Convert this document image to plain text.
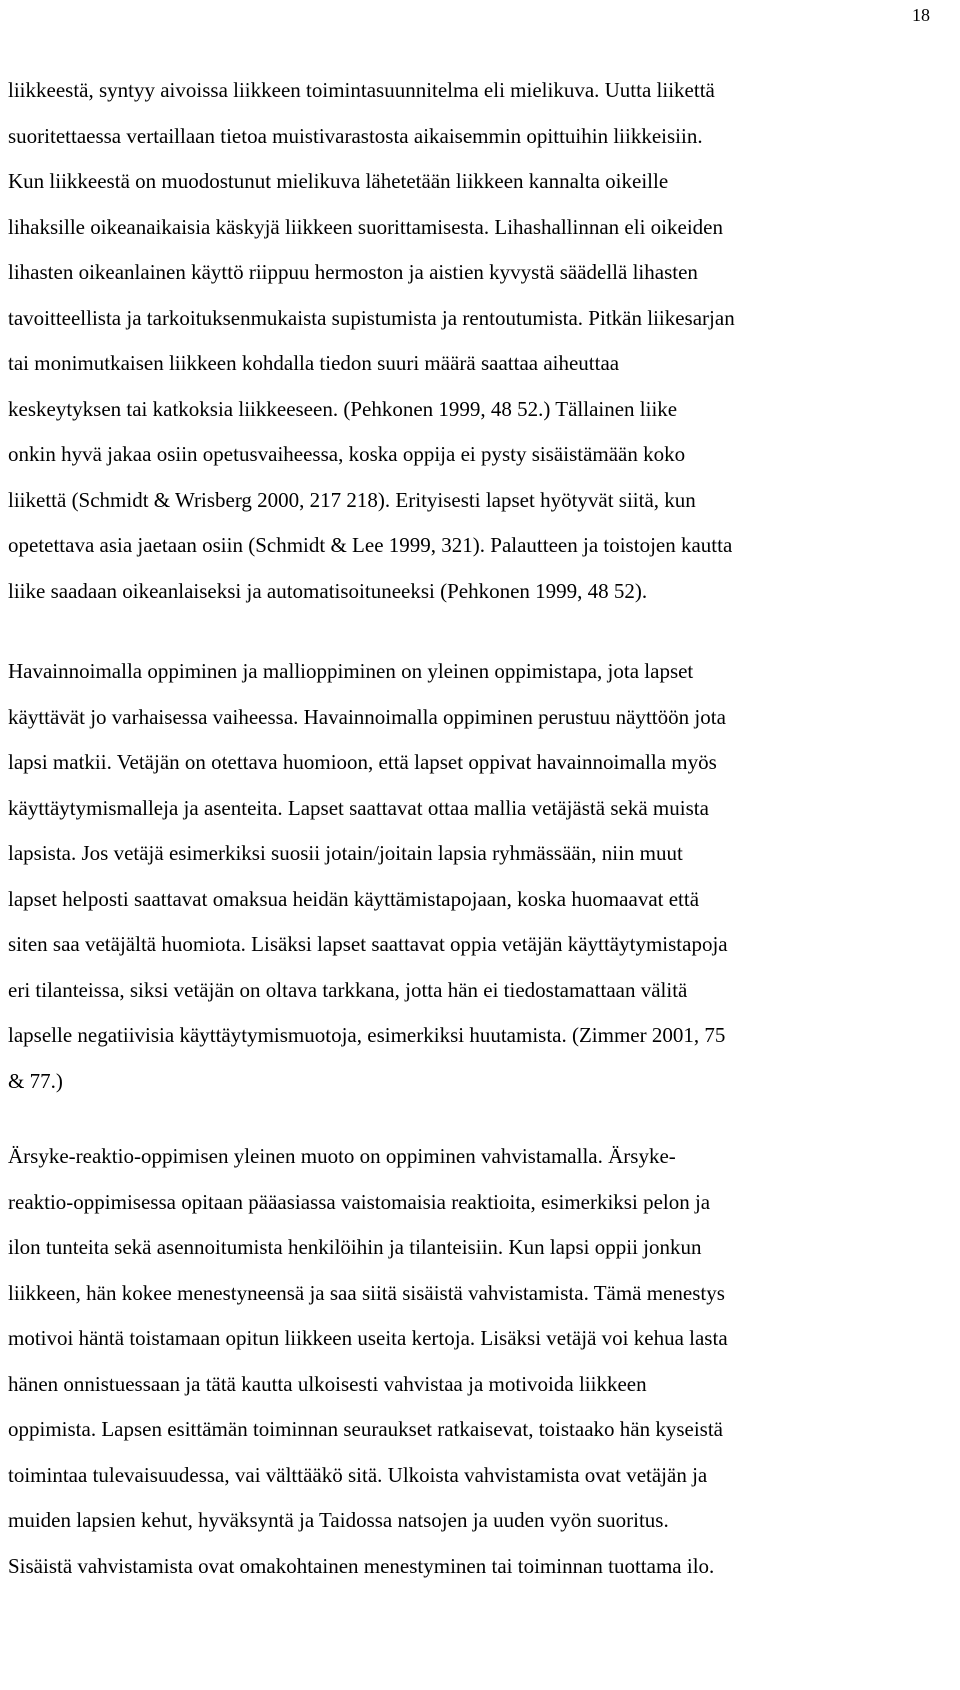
18
liikkeestä, syntyy aivoissa liikkeen toimintasuunnitelma eli mielikuva. Uutta liikettä
suoritettaessa vertaillaan tietoa muistivarastosta aikaisemmin opittuihin liikkeisiin.
Kun liikkeestä on muodostunut mielikuva lähetetään liikkeen kannalta oikeille
lihaksille oikeanaikaisia käskyjä liikkeen suorittamisesta. Lihashallinnan eli oikeiden
lihasten oikeanlainen käyttö riippuu hermoston ja aistien kyvystä säädellä lihasten
tavoitteellista ja tarkoituksenmukaista supistumista ja rentoutumista. Pitkän liikesarjan
tai monimutkaisen liikkeen kohdalla tiedon suuri määrä saattaa aiheuttaa
keskeytyksen tai katkoksia liikkeeseen. (Pehkonen 1999, 48 52.) Tällainen liike
onkin hyvä jakaa osiin opetusvaiheessa, koska oppija ei pysty sisäistämään koko
liikettä (Schmidt & Wrisberg 2000, 217 218). Erityisesti lapset hyötyvät siitä, kun
opetettava asia jaetaan osiin (Schmidt & Lee 1999, 321). Palautteen ja toistojen kautta
liike saadaan oikeanlaiseksi ja automatisoituneeksi (Pehkonen 1999, 48 52).
Havainnoimalla oppiminen ja mallioppiminen on yleinen oppimistapa, jota lapset
käyttävät jo varhaisessa vaiheessa. Havainnoimalla oppiminen perustuu näyttöön jota
lapsi matkii. Vetäjän on otettava huomioon, että lapset oppivat havainnoimalla myös
käyttäytymismalleja ja asenteita. Lapset saattavat ottaa mallia vetäjästä sekä muista
lapsista. Jos vetäjä esimerkiksi suosii jotain/joitain lapsia ryhmässään, niin muut
lapset helposti saattavat omaksua heidän käyttämistapojaan, koska huomaavat että
siten saa vetäjältä huomiota. Lisäksi lapset saattavat oppia vetäjän käyttäytymistapoja
eri tilanteissa, siksi vetäjän on oltava tarkkana, jotta hän ei tiedostamattaan välitä
lapselle negatiivisia käyttäytymismuotoja, esimerkiksi huutamista. (Zimmer 2001, 75
& 77.)
Ärsyke-reaktio-oppimisen yleinen muoto on oppiminen vahvistamalla. Ärsyke-
reaktio-oppimisessa opitaan pääasiassa vaistomaisia reaktioita, esimerkiksi pelon ja
ilon tunteita sekä asennoitumista henkilöihin ja tilanteisiin. Kun lapsi oppii jonkun
liikkeen, hän kokee menestyneensä ja saa siitä sisäistä vahvistamista. Tämä menestys
motivoi häntä toistamaan opitun liikkeen useita kertoja. Lisäksi vetäjä voi kehua lasta
hänen onnistuessaan ja tätä kautta ulkoisesti vahvistaa ja motivoida liikkeen
oppimista. Lapsen esittämän toiminnan seuraukset ratkaisevat, toistaako hän kyseistä
toimintaa tulevaisuudessa, vai välttääkö sitä. Ulkoista vahvistamista ovat vetäjän ja
muiden lapsien kehut, hyväksyntä ja Taidossa natsojen ja uuden vyön suoritus.
Sisäistä vahvistamista ovat omakohtainen menestyminen tai toiminnan tuottama ilo.
